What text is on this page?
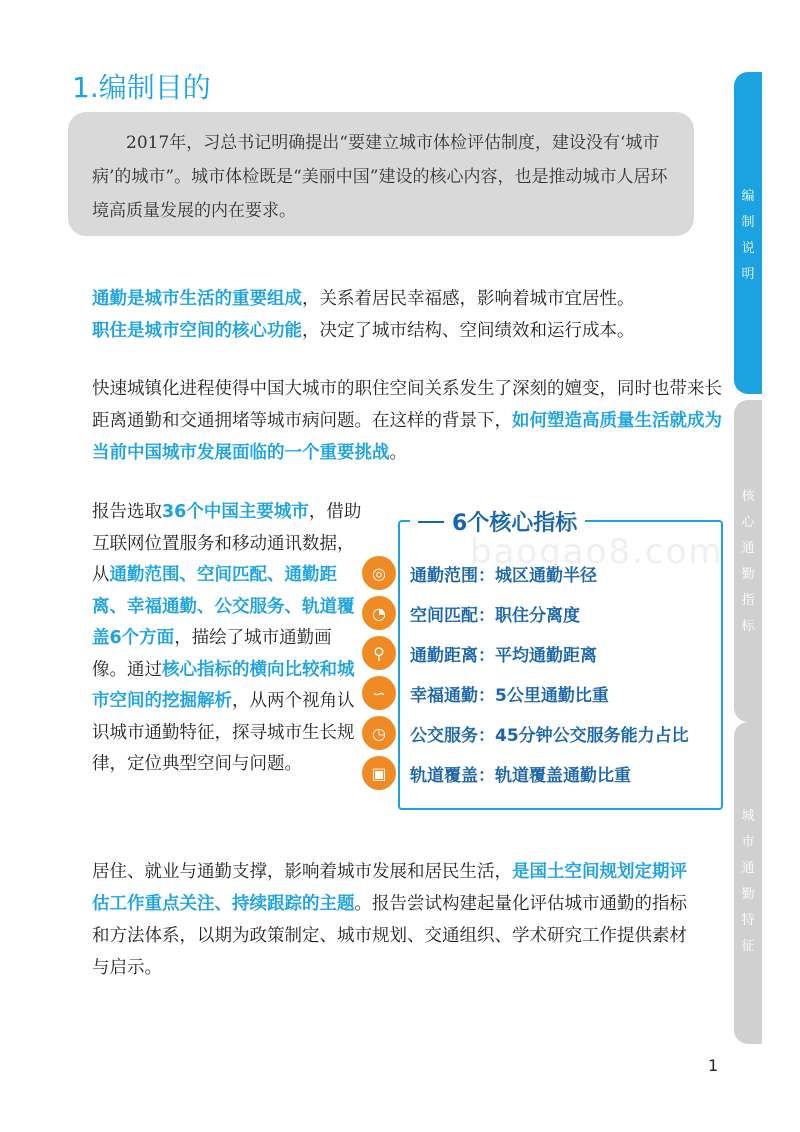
1.编制目的

2017年，习总书记明确提出“要建立城市体检评估制度，建设没有‘城市病’的城市”。城市体检既是“美丽中国”建设的核心内容，也是推动城市人居环境高质量发展的内在要求。

通勤是城市生活的重要组成，关系着居民幸福感，影响着城市宜居性。
职住是城市空间的核心功能，决定了城市结构、空间绩效和运行成本。
快速城镇化进程使得中国大城市的职住空间关系发生了深刻的嬗变，同时也带来长距离通勤和交通拥堵等城市病问题。在这样的背景下，如何塑造高质量生活就成为当前中国城市发展面临的一个重要挑战。
报告选取36个中国主要城市，借助互联网位置服务和移动通讯数据，从通勤范围、空间匹配、通勤距离、幸福通勤、公交服务、轨道覆盖6个方面，描绘了城市通勤画像。通过核心指标的横向比较和城市空间的挖掘解析，从两个视角认识城市通勤特征，探寻城市生长规律，定位典型空间与问题。
6个核心指标
◎	通勤范围：城区通勤半径
◔	空间匹配：职住分离度
⚲	通勤距离：平均通勤距离
∽	幸福通勤：5公里通勤比重
◷	公交服务：45分钟公交服务能力占比
▣	轨道覆盖：轨道覆盖通勤比重
baogao8.com
居住、就业与通勤支撑，影响着城市发展和居民生活，是国土空间规划定期评估工作重点关注、持续跟踪的主题。报告尝试构建起量化评估城市通勤的指标和方法体系，以期为政策制定、城市规划、交通组织、学术研究工作提供素材与启示。
编
制
说
明
核
心
通
勤
指
标
城
市
通
勤
特
征
1
